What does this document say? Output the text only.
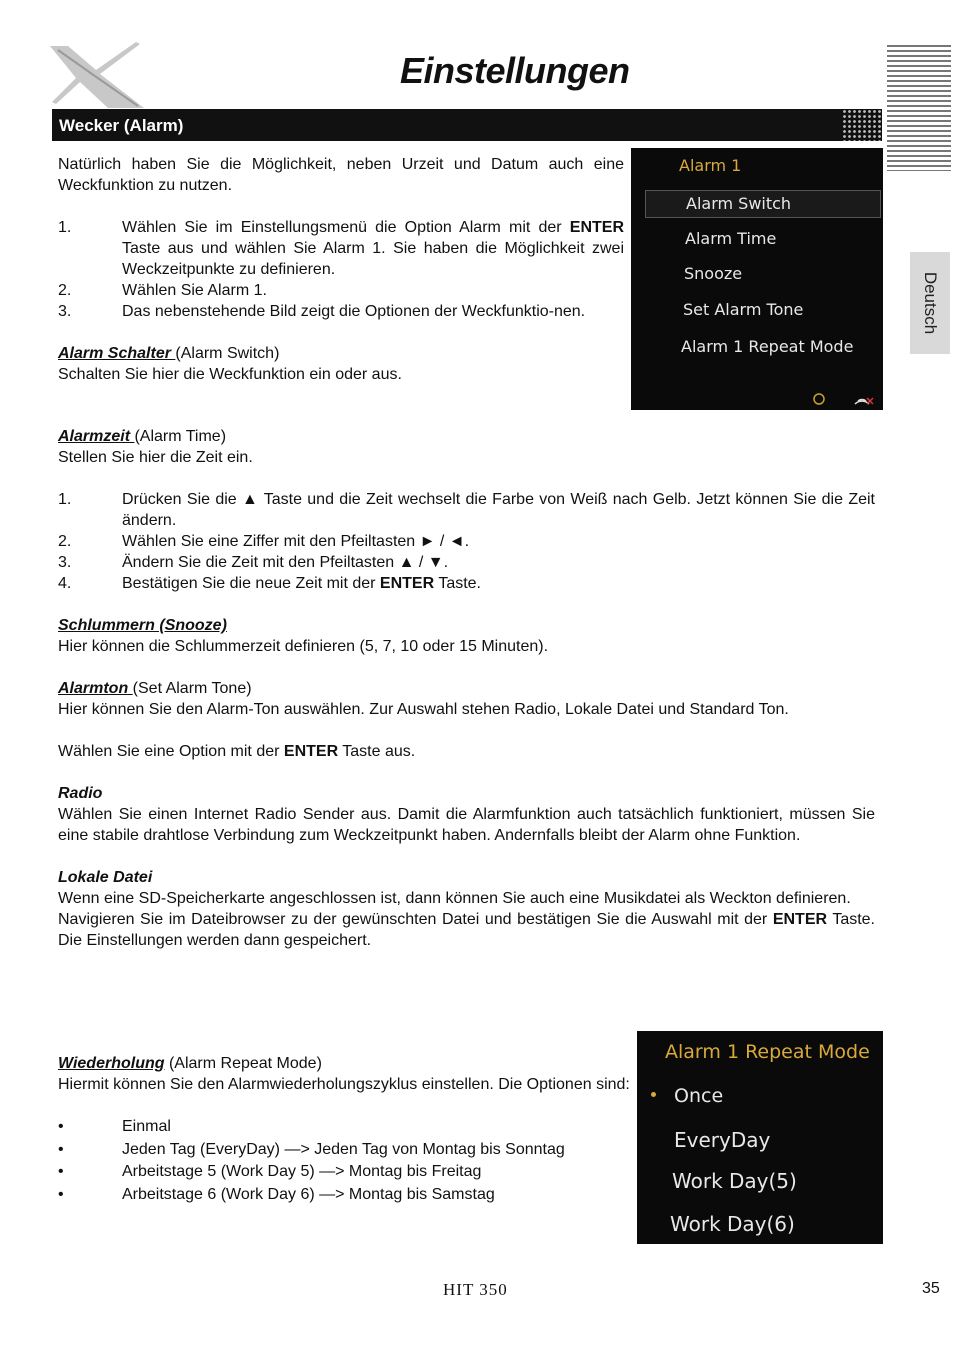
Einstellungen
Deutsch
Wecker (Alarm)
Natürlich haben Sie die Möglichkeit, neben Urzeit und Datum auch eine Weckfunktion zu nutzen.
1.	Wählen Sie im Einstellungsmenü die Option Alarm mit der ENTER Taste aus und wählen Sie Alarm 1. Sie haben die Möglichkeit zwei Weckzeitpunkte zu definieren.
2.	Wählen Sie Alarm 1.
3.	Das nebenstehende Bild zeigt die Optionen der Weckfunktio-nen.
Alarm Schalter (Alarm Switch)
Schalten Sie hier die Weckfunktion ein oder aus.
Alarm 1
Alarm Switch
Alarm Time
Snooze
Set Alarm Tone
Alarm 1 Repeat Mode
Alarmzeit (Alarm Time)
Stellen Sie hier die Zeit ein.
1.	Drücken Sie die ▲ Taste und die Zeit wechselt die Farbe von Weiß nach Gelb. Jetzt können Sie die Zeit ändern.
2.	Wählen Sie eine Ziffer mit den Pfeiltasten ► / ◄.
3.	Ändern Sie die Zeit mit den Pfeiltasten ▲ / ▼.
4.	Bestätigen Sie die neue Zeit mit der ENTER Taste.
Schlummern (Snooze)
Hier können die Schlummerzeit definieren (5, 7, 10 oder 15 Minuten).
Alarmton (Set Alarm Tone)
Hier können Sie den Alarm-Ton auswählen. Zur Auswahl stehen Radio, Lokale Datei und Standard Ton.
Wählen Sie eine Option mit der ENTER Taste aus.
Radio
Wählen Sie einen Internet Radio Sender aus. Damit die Alarmfunktion auch tatsächlich funktioniert, müssen Sie eine stabile drahtlose Verbindung zum Weckzeitpunkt haben. Andernfalls bleibt der Alarm ohne Funktion.
Lokale Datei
Wenn eine SD-Speicherkarte angeschlossen ist, dann können Sie auch eine Musikdatei als Weckton definieren.
Navigieren Sie im Dateibrowser zu der gewünschten Datei und bestätigen Sie die Auswahl mit der ENTER Taste. Die Einstellungen werden dann gespeichert.
Wiederholung (Alarm Repeat Mode)
Hiermit können Sie den Alarmwiederholungszyklus einstellen. Die Optionen sind:
•	Einmal
•	Jeden Tag (EveryDay) —> Jeden Tag von Montag bis Sonntag
•	Arbeitstage 5 (Work Day 5) —> Montag bis Freitag
•	Arbeitstage 6 (Work Day 6) —> Montag bis Samstag
Alarm 1 Repeat Mode
Once
EveryDay
Work Day(5)
Work Day(6)
HIT 350	35
